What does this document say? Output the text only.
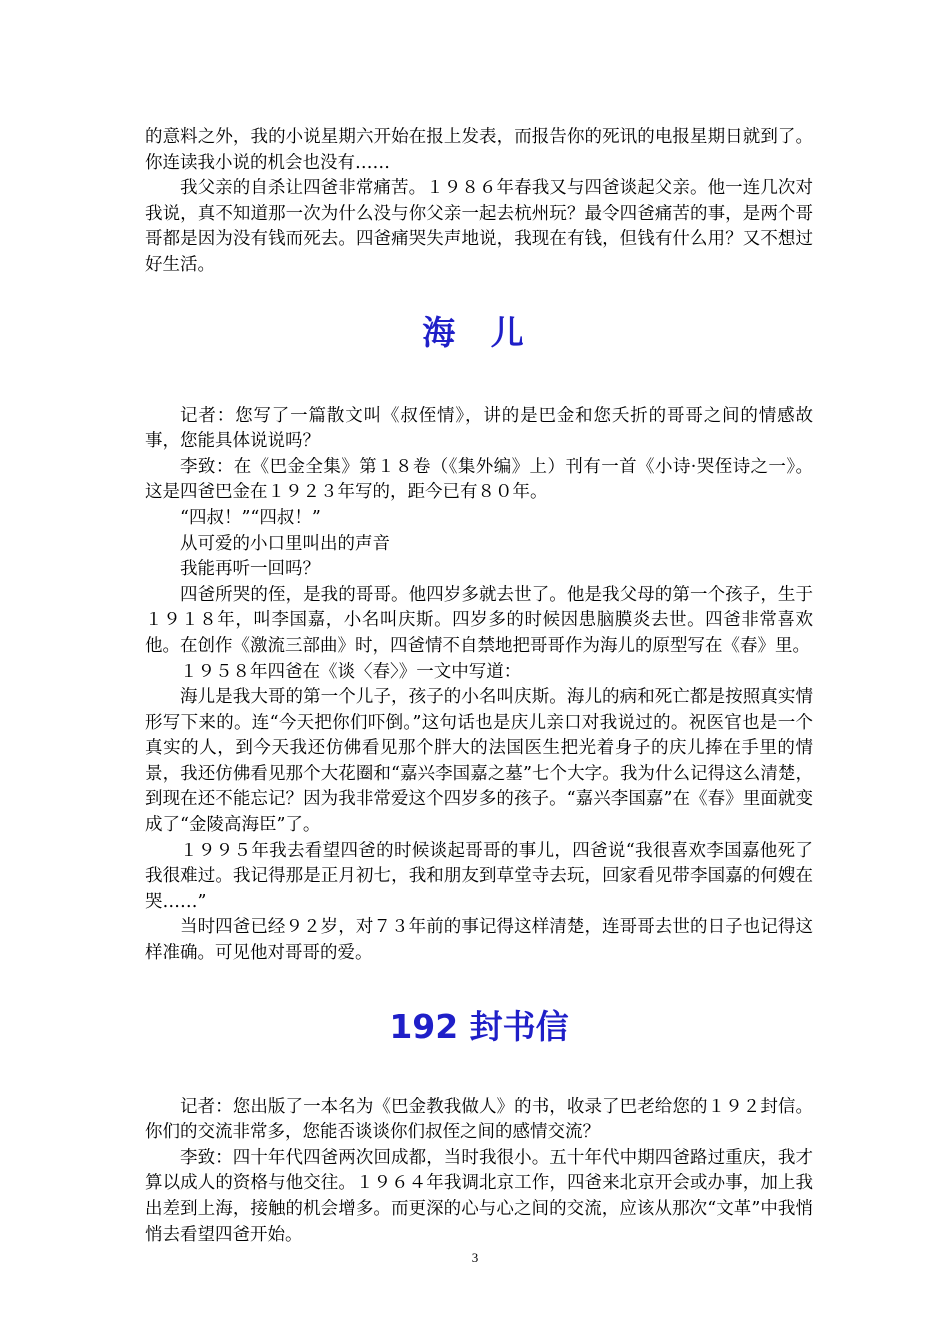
的意料之外，我的小说星期六开始在报上发表，而报告你的死讯的电报星期日就到了。你连读我小说的机会也没有……

我父亲的自杀让四爸非常痛苦。１９８６年春我又与四爸谈起父亲。他一连几次对我说，真不知道那一次为什么没与你父亲一起去杭州玩？最令四爸痛苦的事，是两个哥哥都是因为没有钱而死去。四爸痛哭失声地说，我现在有钱，但钱有什么用？又不想过好生活。

海 儿

记者：您写了一篇散文叫《叔侄情》，讲的是巴金和您夭折的哥哥之间的情感故事，您能具体说说吗？

李致：在《巴金全集》第１８卷（《集外编》上）刊有一首《小诗·哭侄诗之一》。这是四爸巴金在１９２３年写的，距今已有８０年。

“四叔！”“四叔！”

从可爱的小口里叫出的声音

我能再听一回吗？

四爸所哭的侄，是我的哥哥。他四岁多就去世了。他是我父母的第一个孩子，生于１９１８年，叫李国嘉，小名叫庆斯。四岁多的时候因患脑膜炎去世。四爸非常喜欢他。在创作《激流三部曲》时，四爸情不自禁地把哥哥作为海儿的原型写在《春》里。

１９５８年四爸在《谈〈春〉》一文中写道：

海儿是我大哥的第一个儿子，孩子的小名叫庆斯。海儿的病和死亡都是按照真实情形写下来的。连“今天把你们吓倒。”这句话也是庆儿亲口对我说过的。祝医官也是一个真实的人，到今天我还仿佛看见那个胖大的法国医生把光着身子的庆儿捧在手里的情景，我还仿佛看见那个大花圈和“嘉兴李国嘉之墓”七个大字。我为什么记得这么清楚，到现在还不能忘记？因为我非常爱这个四岁多的孩子。“嘉兴李国嘉”在《春》里面就变成了“金陵高海臣”了。

１９９５年我去看望四爸的时候谈起哥哥的事儿，四爸说“我很喜欢李国嘉他死了我很难过。我记得那是正月初七，我和朋友到草堂寺去玩，回家看见带李国嘉的何嫂在哭……”

当时四爸已经９２岁，对７３年前的事记得这样清楚，连哥哥去世的日子也记得这样准确。可见他对哥哥的爱。

192 封书信

记者：您出版了一本名为《巴金教我做人》的书，收录了巴老给您的１９２封信。你们的交流非常多，您能否谈谈你们叔侄之间的感情交流？

李致：四十年代四爸两次回成都，当时我很小。五十年代中期四爸路过重庆，我才算以成人的资格与他交往。１９６４年我调北京工作，四爸来北京开会或办事，加上我出差到上海，接触的机会增多。而更深的心与心之间的交流，应该从那次“文革”中我悄悄去看望四爸开始。

3
